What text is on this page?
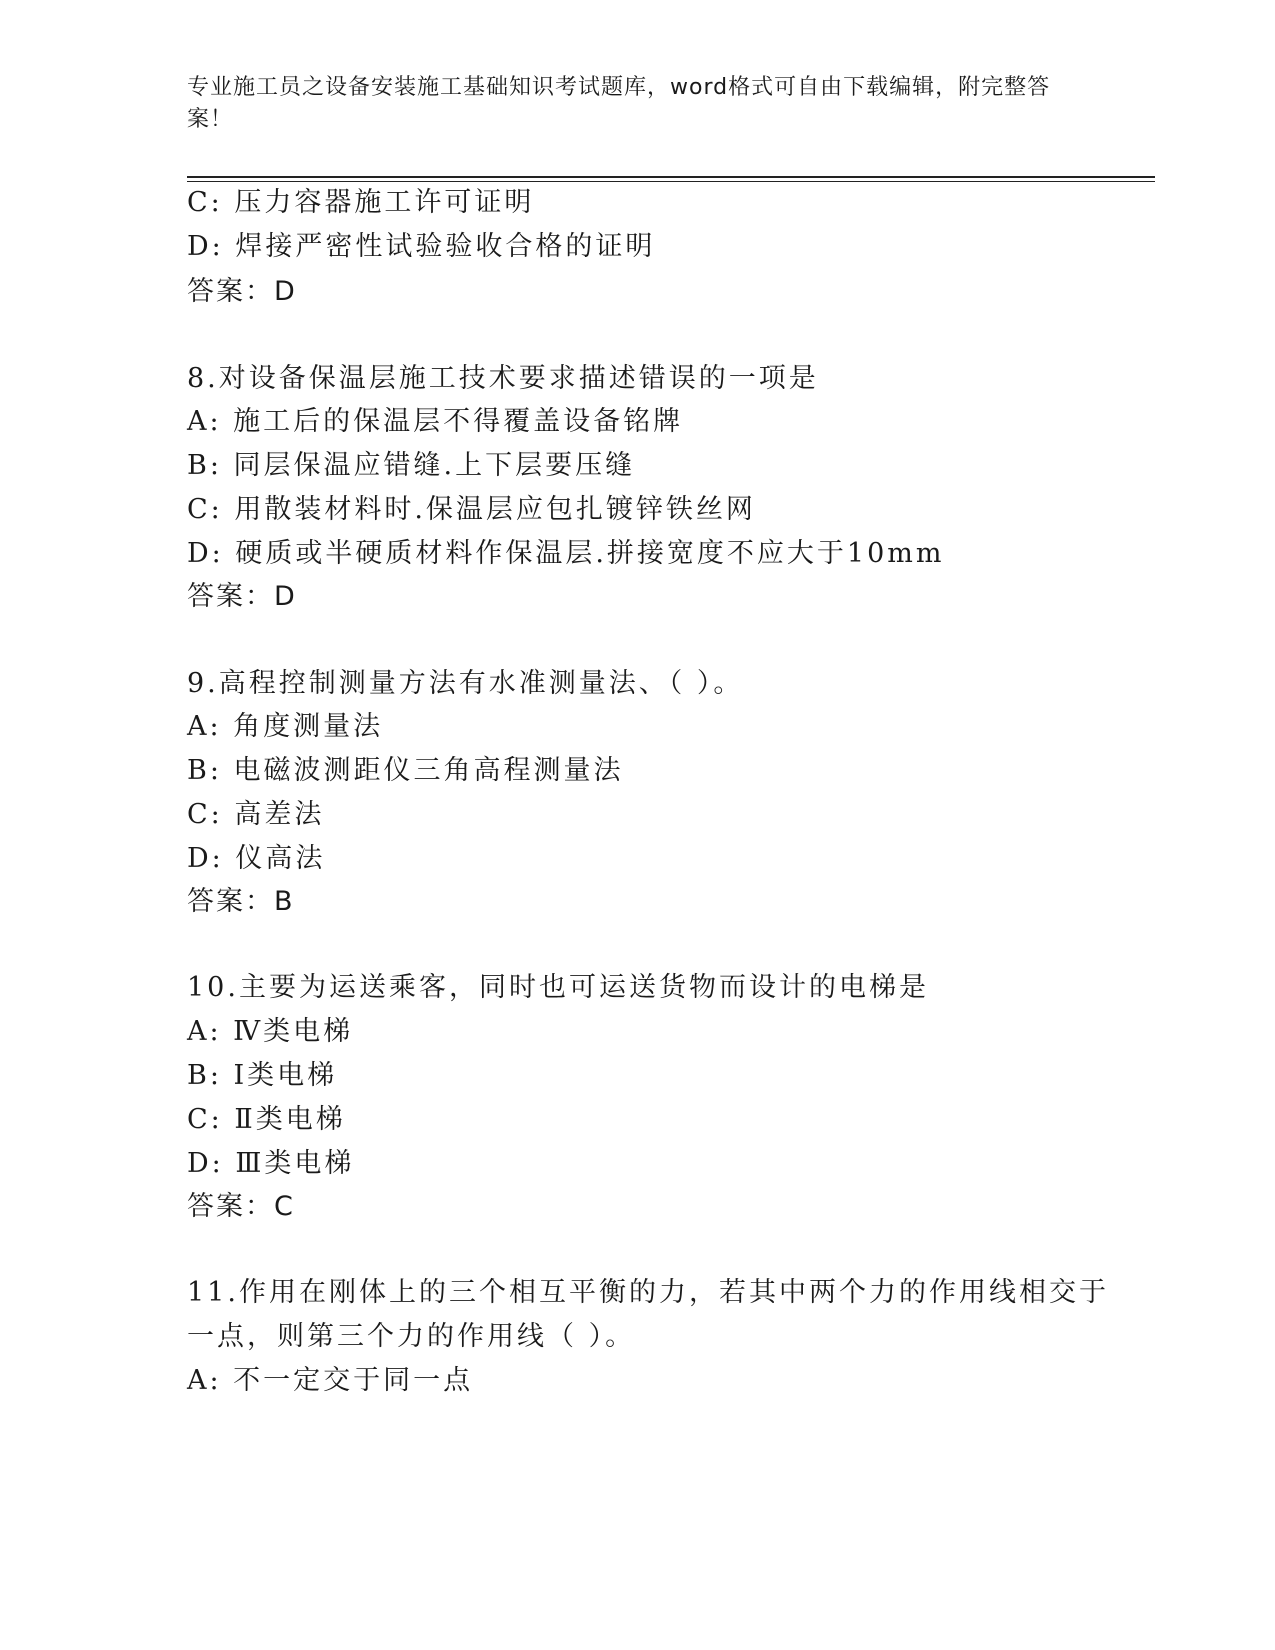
专业施工员之设备安装施工基础知识考试题库，word格式可自由下载编辑，附完整答案！
C: 压力容器施工许可证明
D: 焊接严密性试验验收合格的证明
答案：D
8.对设备保温层施工技术要求描述错误的一项是
A: 施工后的保温层不得覆盖设备铭牌
B: 同层保温应错缝.上下层要压缝
C: 用散装材料时.保温层应包扎镀锌铁丝网
D: 硬质或半硬质材料作保温层.拼接宽度不应大于10mm
答案：D
9.高程控制测量方法有水准测量法、（ ）。
A: 角度测量法
B: 电磁波测距仪三角高程测量法
C: 高差法
D: 仪高法
答案：B
10.主要为运送乘客，同时也可运送货物而设计的电梯是
A: Ⅳ类电梯
B: Ⅰ类电梯
C: Ⅱ类电梯
D: Ⅲ类电梯
答案：C
11.作用在刚体上的三个相互平衡的力，若其中两个力的作用线相交于
一点，则第三个力的作用线（ ）。
A: 不一定交于同一点
